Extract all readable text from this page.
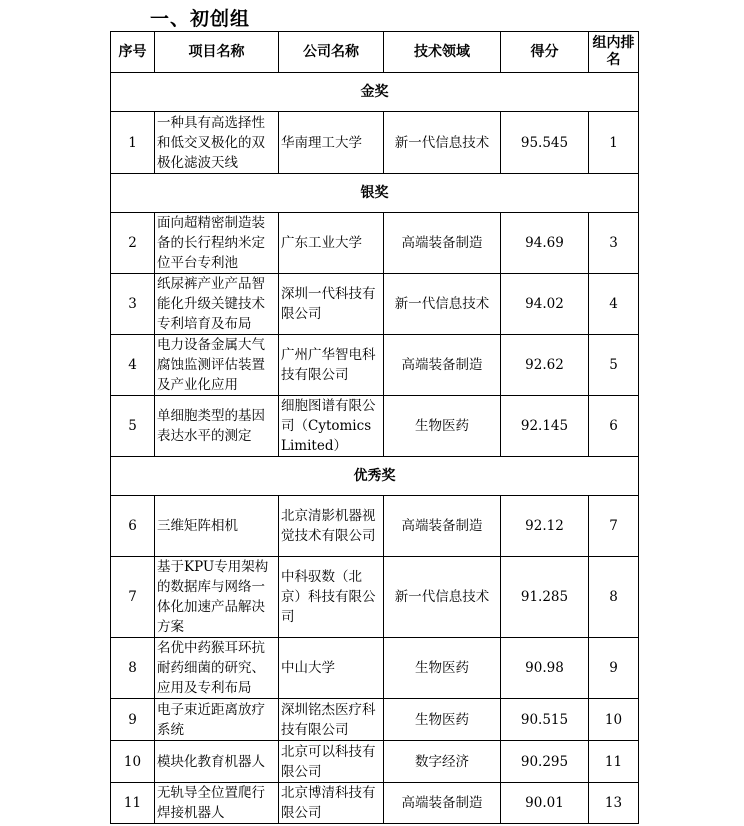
一、初创组
序号	项目名称	公司名称	技术领域	得分	组内排名
金奖					
1	一种具有高选择性和低交叉极化的双极化滤波天线	华南理工大学	新一代信息技术	95.545	1
银奖					
2	面向超精密制造装备的长行程纳米定位平台专利池	广东工业大学	高端装备制造	94.69	3
3	纸尿裤产业产品智能化升级关键技术专利培育及布局	深圳一代科技有限公司	新一代信息技术	94.02	4
4	电力设备金属大气腐蚀监测评估装置及产业化应用	广州广华智电科技有限公司	高端装备制造	92.62	5
5	单细胞类型的基因表达水平的测定	细胞图谱有限公司（Cytomics Limited）	生物医药	92.145	6
优秀奖					
6	三维矩阵相机	北京清影机器视觉技术有限公司	高端装备制造	92.12	7
7	基于KPU专用架构的数据库与网络一体化加速产品解决方案	中科驭数（北京）科技有限公司	新一代信息技术	91.285	8
8	名优中药猴耳环抗耐药细菌的研究、应用及专利布局	中山大学	生物医药	90.98	9
9	电子束近距离放疗系统	深圳铭杰医疗科技有限公司	生物医药	90.515	10
10	模块化教育机器人	北京可以科技有限公司	数字经济	90.295	11
11	无轨导全位置爬行焊接机器人	北京博清科技有限公司	高端装备制造	90.01	13
